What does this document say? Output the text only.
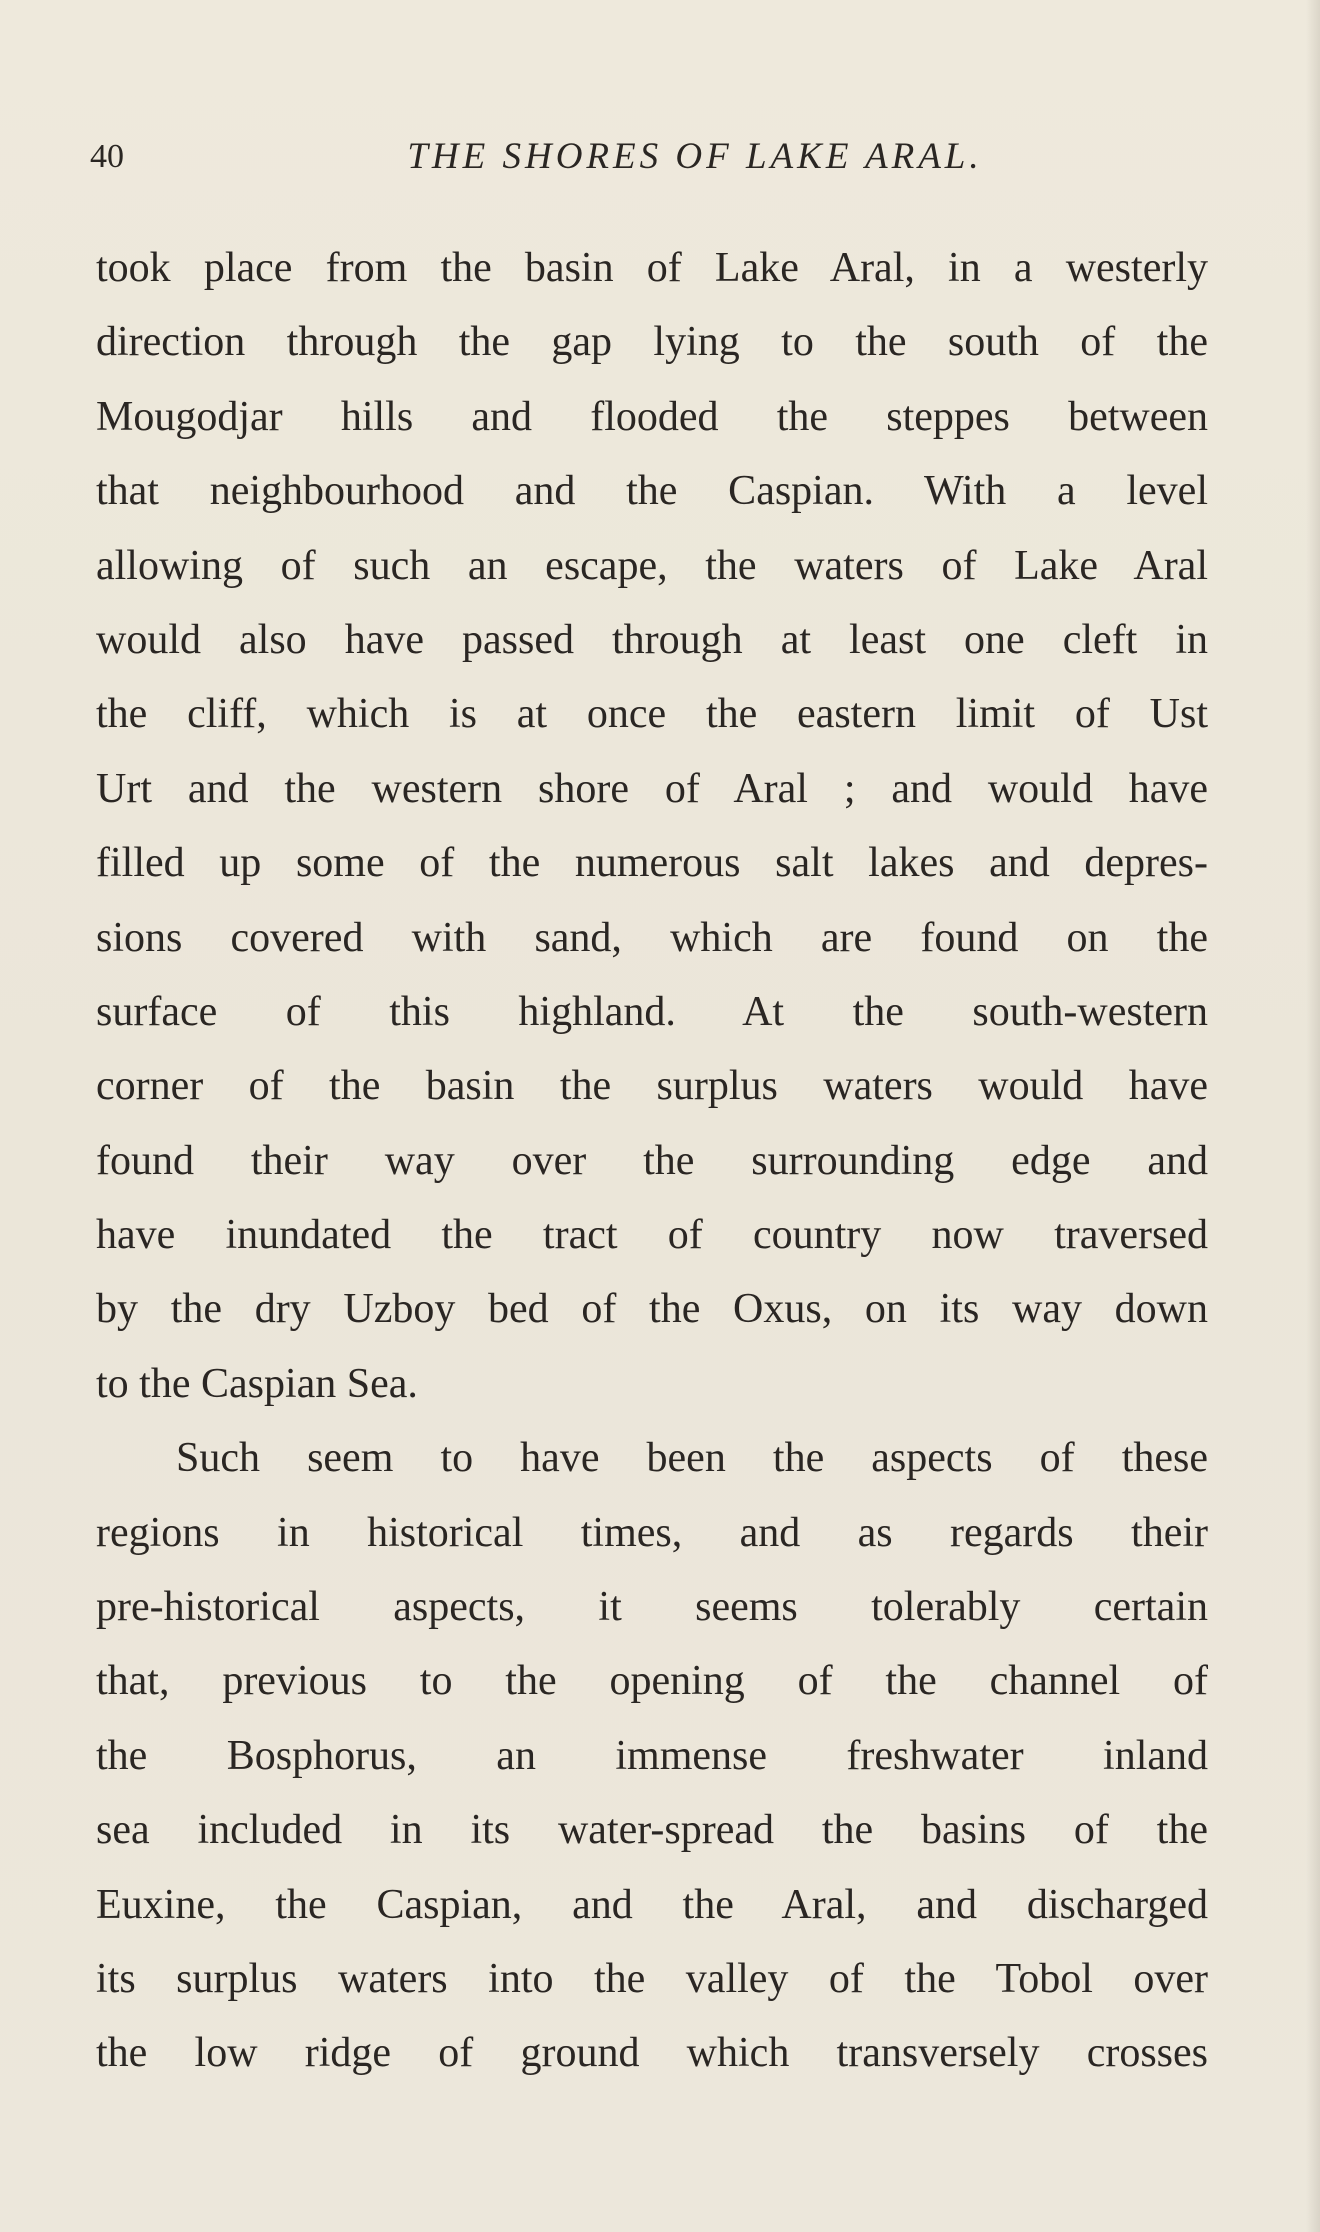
40	THE SHORES OF LAKE ARAL.
took place from the basin of Lake Aral, in a westerly
direction through the gap lying to the south of the
Mougodjar hills and flooded the steppes between
that neighbourhood and the Caspian. With a level
allowing of such an escape, the waters of Lake Aral
would also have passed through at least one cleft in
the cliff, which is at once the eastern limit of Ust
Urt and the western shore of Aral ; and would have
filled up some of the numerous salt lakes and depres-
sions covered with sand, which are found on the
surface of this highland. At the south-western
corner of the basin the surplus waters would have
found their way over the surrounding edge and
have inundated the tract of country now traversed
by the dry Uzboy bed of the Oxus, on its way down
to the Caspian Sea.
Such seem to have been the aspects of these
regions in historical times, and as regards their
pre-historical aspects, it seems tolerably certain
that, previous to the opening of the channel of
the Bosphorus, an immense freshwater inland
sea included in its water-spread the basins of the
Euxine, the Caspian, and the Aral, and discharged
its surplus waters into the valley of the Tobol over
the low ridge of ground which transversely crosses
